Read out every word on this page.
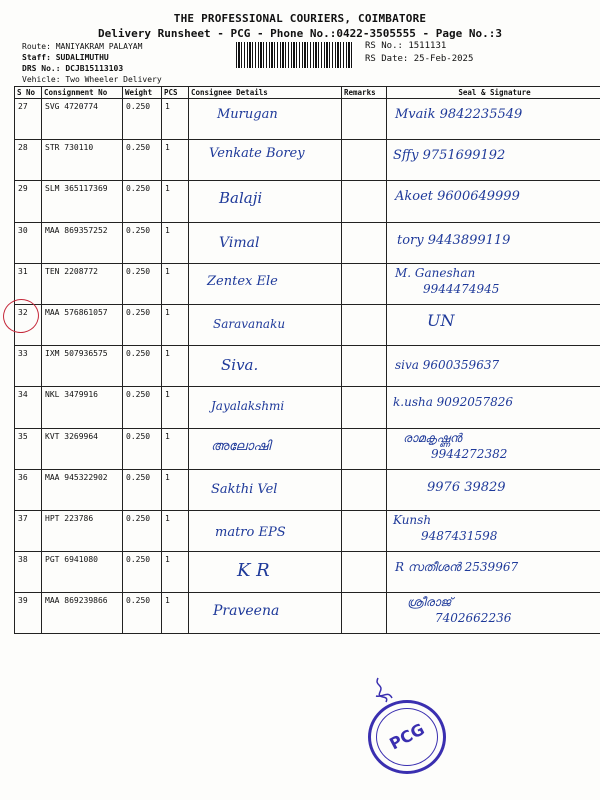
THE PROFESSIONAL COURIERS, COIMBATORE
Delivery Runsheet - PCG - Phone No.:0422-3505555 - Page No.:3
Route: MANIYAKRAM PALAYAM
Staff: SUDALIMUTHU
DRS No.: DCJB15113103
Vehicle: Two Wheeler Delivery
RS No.: 1511131
RS Date: 25-Feb-2025
S No	Consignment No	Weight	PCS	Consignee Details	Remarks	Seal & Signature
27	SVG 4720774	0.250	1	Murugan		Mvaik 9842235549

28	STR 730110	0.250	1	Venkate Borey		Sffy 9751699192

29	SLM 365117369	0.250	1	Balaji		Akoet 9600649999

30	MAA 869357252	0.250	1	Vimal		tory 9443899119

31	TEN 2208772	0.250	1	Zentex Ele		M. Ganeshan
9944474945

32	MAA 576861057	0.250	1	Saravanaku		UN

33	IXM 507936575	0.250	1	Siva.		siva 9600359637

34	NKL 3479916	0.250	1	Jayalakshmi		k.usha 9092057826

35	KVT 3269964	0.250	1	അലോഷി		രാമകൃഷ്ണൻ
9944272382

36	MAA 945322902	0.250	1	Sakthi Vel		9976 39829

37	HPT 223786	0.250	1	matro EPS		Kunsh
9487431598

38	PGT 6941080	0.250	1	K R		R സതീശൻ 2539967

39	MAA 869239866	0.250	1	Praveena		ശ്രീരാജ്
7402662236
PCG
